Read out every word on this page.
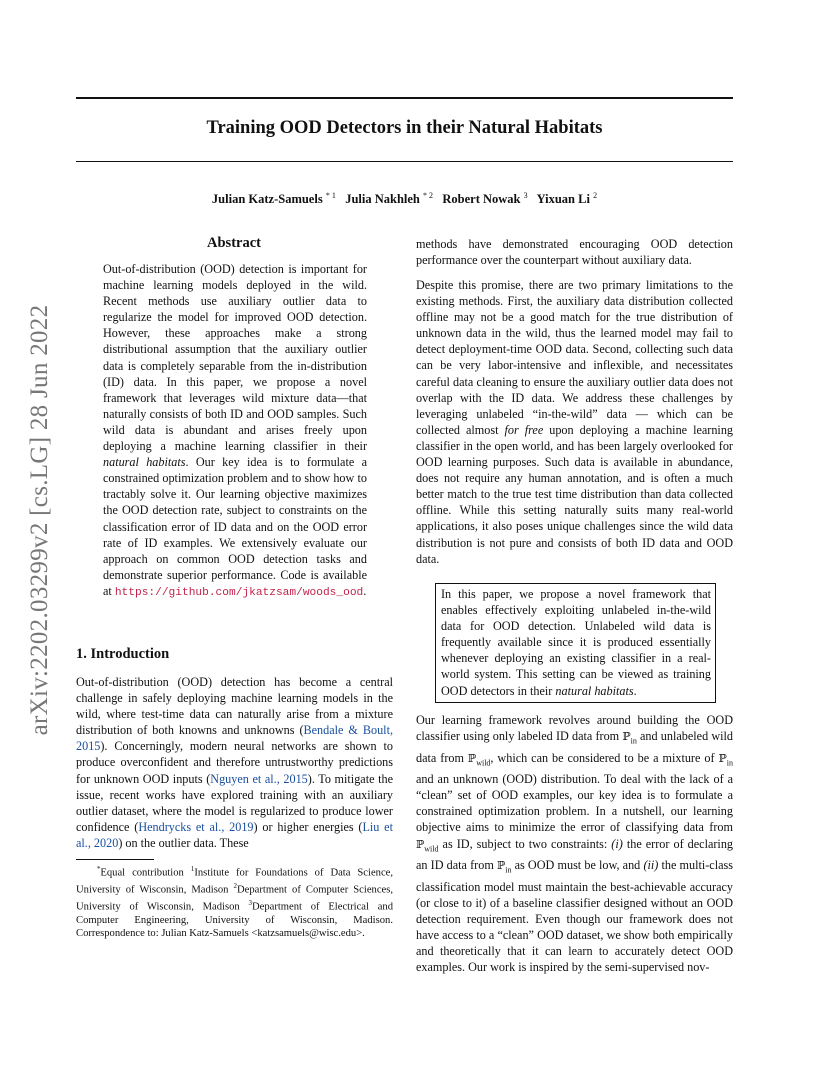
Training OOD Detectors in their Natural Habitats
Julian Katz-Samuels $^{* 1}$ Julia Nakhleh $^{* 2}$ Robert Nowak $^3$ Yixuan Li $^2$
arXiv:2202.03299v2 [cs.LG] 28 Jun 2022
Abstract
Out-of-distribution (OOD) detection is important for machine learning models deployed in the wild. Recent methods use auxiliary outlier data to regularize the model for improved OOD detection. However, these approaches make a strong distributional assumption that the auxiliary outlier data is completely separable from the in-distribution (ID) data. In this paper, we propose a novel framework that leverages wild mixture data—that naturally consists of both ID and OOD samples. Such wild data is abundant and arises freely upon deploying a machine learning classifier in their natural habitats. Our key idea is to formulate a constrained optimization problem and to show how to tractably solve it. Our learning objective maximizes the OOD detection rate, subject to constraints on the classification error of ID data and on the OOD error rate of ID examples. We extensively evaluate our approach on common OOD detection tasks and demonstrate superior performance. Code is available at https://github.com/jkatzsam/woods_ood.
1. Introduction
Out-of-distribution (OOD) detection has become a central challenge in safely deploying machine learning models in the wild, where test-time data can naturally arise from a mixture distribution of both knowns and unknowns (Bendale & Boult, 2015). Concerningly, modern neural networks are shown to produce overconfident and therefore untrustworthy predictions for unknown OOD inputs (Nguyen et al., 2015). To mitigate the issue, recent works have explored training with an auxiliary outlier dataset, where the model is regularized to produce lower confidence (Hendrycks et al., 2019) or higher energies (Liu et al., 2020) on the outlier data. These
*Equal contribution $^1$Institute for Foundations of Data Science, University of Wisconsin, Madison $^2$Department of Computer Sciences, University of Wisconsin, Madison $^3$Department of Electrical and Computer Engineering, University of Wisconsin, Madison. Correspondence to: Julian Katz-Samuels <katzsamuels@wisc.edu>.
methods have demonstrated encouraging OOD detection performance over the counterpart without auxiliary data.
Despite this promise, there are two primary limitations to the existing methods. First, the auxiliary data distribution collected offline may not be a good match for the true distribution of unknown data in the wild, thus the learned model may fail to detect deployment-time OOD data. Second, collecting such data can be very labor-intensive and inflexible, and necessitates careful data cleaning to ensure the auxiliary outlier data does not overlap with the ID data. We address these challenges by leveraging unlabeled “in-the-wild” data — which can be collected almost for free upon deploying a machine learning classifier in the open world, and has been largely overlooked for OOD learning purposes. Such data is available in abundance, does not require any human annotation, and is often a much better match to the true test time distribution than data collected offline. While this setting naturally suits many real-world applications, it also poses unique challenges since the wild data distribution is not pure and consists of both ID data and OOD data.
In this paper, we propose a novel framework that enables effectively exploiting unlabeled in-the-wild data for OOD detection. Unlabeled wild data is frequently available since it is produced essentially whenever deploying an existing classifier in a real-world system. This setting can be viewed as training OOD detectors in their natural habitats.
Our learning framework revolves around building the OOD classifier using only labeled ID data from ℙ$_{in}$ and unlabeled wild data from ℙ$_{wild}$, which can be considered to be a mixture of ℙ$_{in}$ and an unknown (OOD) distribution. To deal with the lack of a “clean” set of OOD examples, our key idea is to formulate a constrained optimization problem. In a nutshell, our learning objective aims to minimize the error of classifying data from ℙ$_{wild}$ as ID, subject to two constraints: (i) the error of declaring an ID data from ℙ$_{in}$ as OOD must be low, and (ii) the multi-class classification model must maintain the best-achievable accuracy (or close to it) of a baseline classifier designed without an OOD detection requirement. Even though our framework does not have access to a “clean” OOD dataset, we show both empirically and theoretically that it can learn to accurately detect OOD examples. Our work is inspired by the semi-supervised nov-
